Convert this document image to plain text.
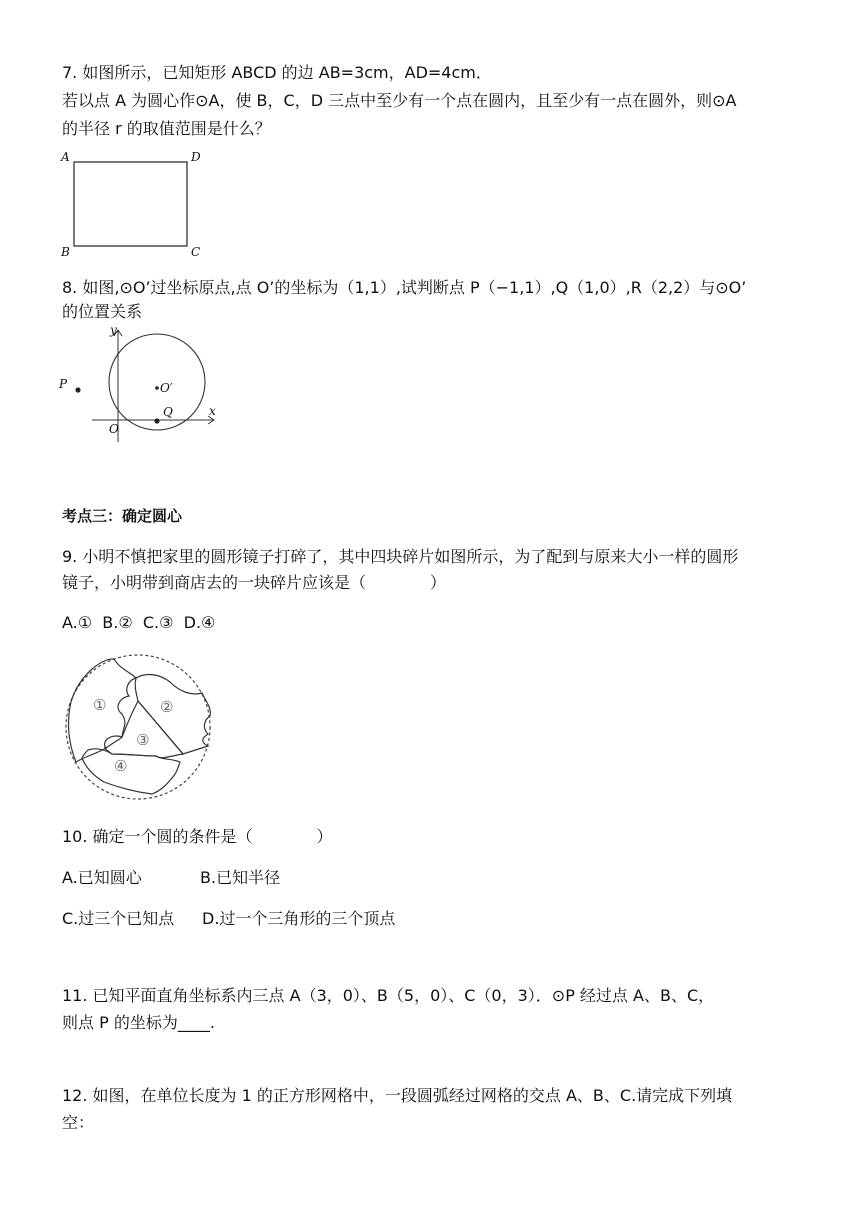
7. 如图所示，已知矩形 ABCD 的边 AB=3cm，AD=4cm．
若以点 A 为圆心作⊙A，使 B，C，D 三点中至少有一个点在圆内，且至少有一点在圆外，则⊙A
的半径 r 的取值范围是什么？
A	D
B	C
8. 如图,⊙O’过坐标原点,点 O’的坐标为（1,1）,试判断点 P（−1,1）,Q（1,0）,R（2,2）与⊙O’
的位置关系
y
x
O
O′
P
Q
考点三：确定圆心
9. 小明不慎把家里的圆形镜子打碎了，其中四块碎片如图所示，为了配到与原来大小一样的圆形
镜子，小明带到商店去的一块碎片应该是（　　　　）
A.①  B.②  C.③  D.④
①	②
③
④
10. 确定一个圆的条件是（　　　　）
A.已知圆心	B.已知半径
C.过三个已知点 D.过一个三角形的三个顶点
11. 已知平面直角坐标系内三点 A（3，0）、B（5，0）、C（0，3）．⊙P 经过点 A、B、C，
则点 P 的坐标为____.
12. 如图，在单位长度为 1 的正方形网格中，一段圆弧经过网格的交点 A、B、C.请完成下列填
空：
